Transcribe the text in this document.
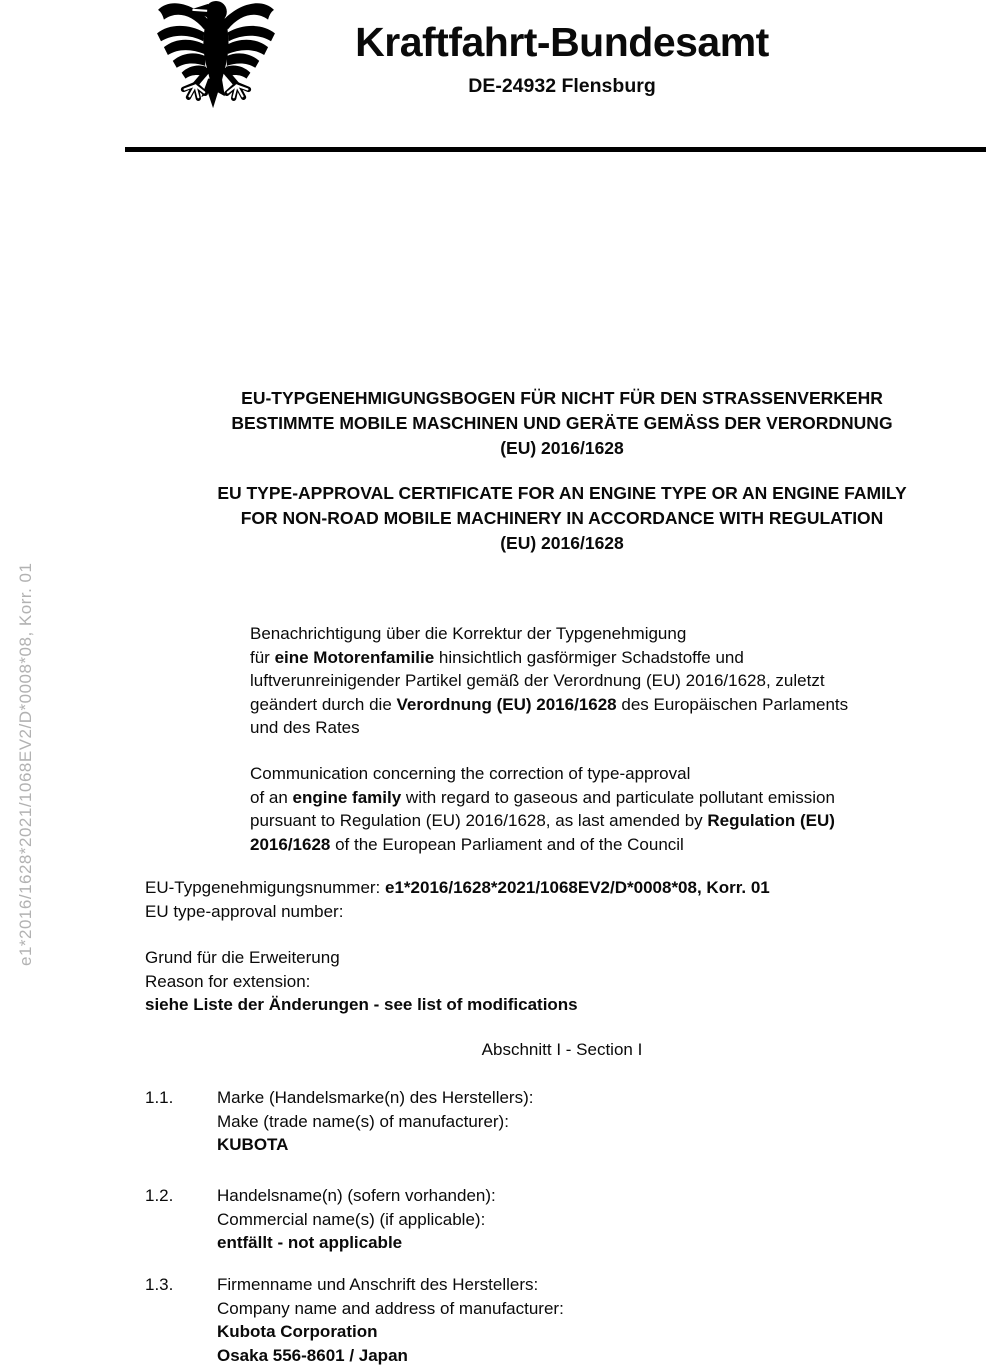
e1*2016/1628*2021/1068EV2/D*0008*08, Korr. 01
Kraftfahrt-Bundesamt
DE-24932 Flensburg
EU-TYPGENEHMIGUNGSBOGEN FÜR NICHT FÜR DEN STRASSENVERKEHR
BESTIMMTE MOBILE MASCHINEN UND GERÄTE GEMÄSS DER VERORDNUNG
(EU) 2016/1628
EU TYPE-APPROVAL CERTIFICATE FOR AN ENGINE TYPE OR AN ENGINE FAMILY
FOR NON-ROAD MOBILE MACHINERY IN ACCORDANCE WITH REGULATION
(EU) 2016/1628
Benachrichtigung über die Korrektur der Typgenehmigung
für eine Motorenfamilie hinsichtlich gasförmiger Schadstoffe und
luftverunreinigender Partikel gemäß der Verordnung (EU) 2016/1628, zuletzt
geändert durch die Verordnung (EU) 2016/1628 des Europäischen Parlaments
und des Rates
Communication concerning the correction of type-approval
of an engine family with regard to gaseous and particulate pollutant emission
pursuant to Regulation (EU) 2016/1628, as last amended by Regulation (EU)
2016/1628 of the European Parliament and of the Council
EU-Typgenehmigungsnummer: e1*2016/1628*2021/1068EV2/D*0008*08, Korr. 01
EU type-approval number:
Grund für die Erweiterung
Reason for extension:
siehe Liste der Änderungen - see list of modifications
Abschnitt I - Section I
1.1.	Marke (Handelsmarke(n) des Herstellers):
Make (trade name(s) of manufacturer):
KUBOTA
1.2.	Handelsname(n) (sofern vorhanden):
Commercial name(s) (if applicable):
entfällt - not applicable
1.3.	Firmenname und Anschrift des Herstellers:
Company name and address of manufacturer:
Kubota Corporation
Osaka 556-8601 / Japan
